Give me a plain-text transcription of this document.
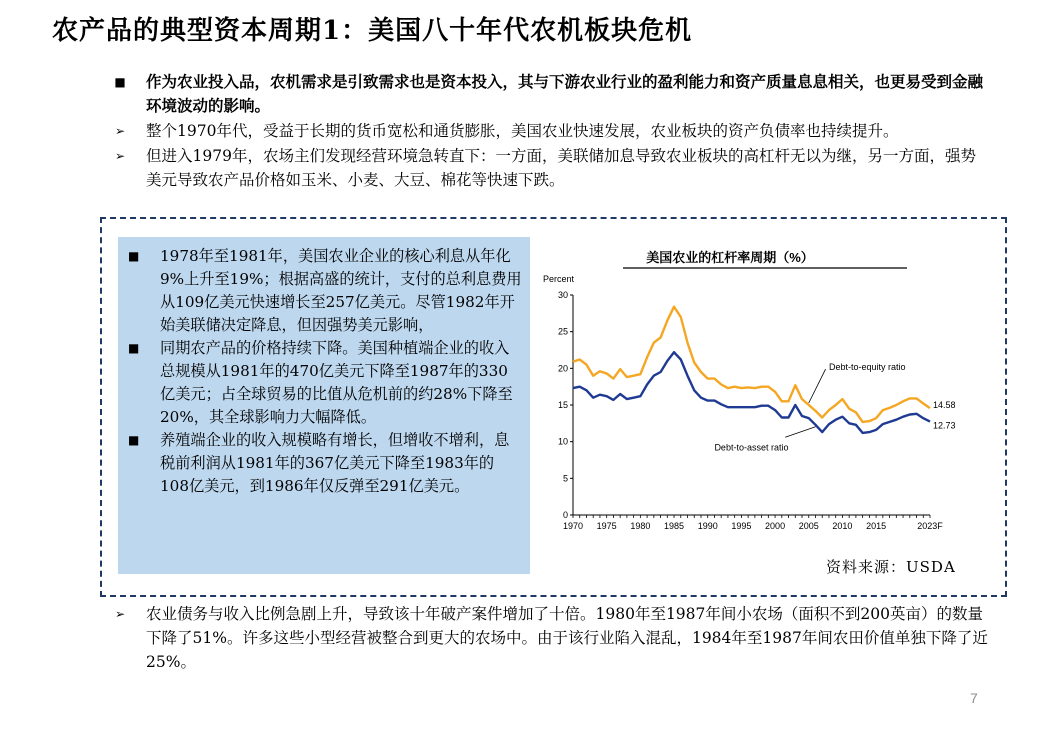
农产品的典型资本周期1：美国八十年代农机板块危机
■ 作为农业投入品，农机需求是引致需求也是资本投入，其与下游农业行业的盈利能力和资产质量息息相关，也更易受到金融环境波动的影响。
➢	整个1970年代，受益于长期的货币宽松和通货膨胀，美国农业快速发展，农业板块的资产负债率也持续提升。
➢	但进入1979年，农场主们发现经营环境急转直下：一方面，美联储加息导致农业板块的高杠杆无以为继，另一方面，强势美元导致农产品价格如玉米、小麦、大豆、棉花等快速下跌。
■ 1978年至1981年，美国农业企业的核心利息从年化9%上升至19%；根据高盛的统计，支付的总利息费用从109亿美元快速增长至257亿美元。尽管1982年开始美联储决定降息，但因强势美元影响，
■ 同期农产品的价格持续下降。美国种植端企业的收入总规模从1981年的470亿美元下降至1987年的330亿美元；占全球贸易的比值从危机前的约28%下降至20%，其全球影响力大幅降低。
■ 养殖端企业的收入规模略有增长，但增收不增利，息税前利润从1981年的367亿美元下降至1983年的108亿美元，到1986年仅反弹至291亿美元。
美国农业的杠杆率周期（%）
Percent
0
5
10
15
20
25
30
1970 1975 1980 1985 1990 1995 2000 2005 2010 2015	2023F
14.58
12.73
Debt-to-equity ratio
Debt-to-asset ratio
资料来源：USDA
➢	农业债务与收入比例急剧上升，导致该十年破产案件增加了十倍。1980年至1987年间小农场（面积不到200英亩）的数量下降了51%。许多这些小型经营被整合到更大的农场中。由于该行业陷入混乱，1984年至1987年间农田价值单独下降了近25%。
7
